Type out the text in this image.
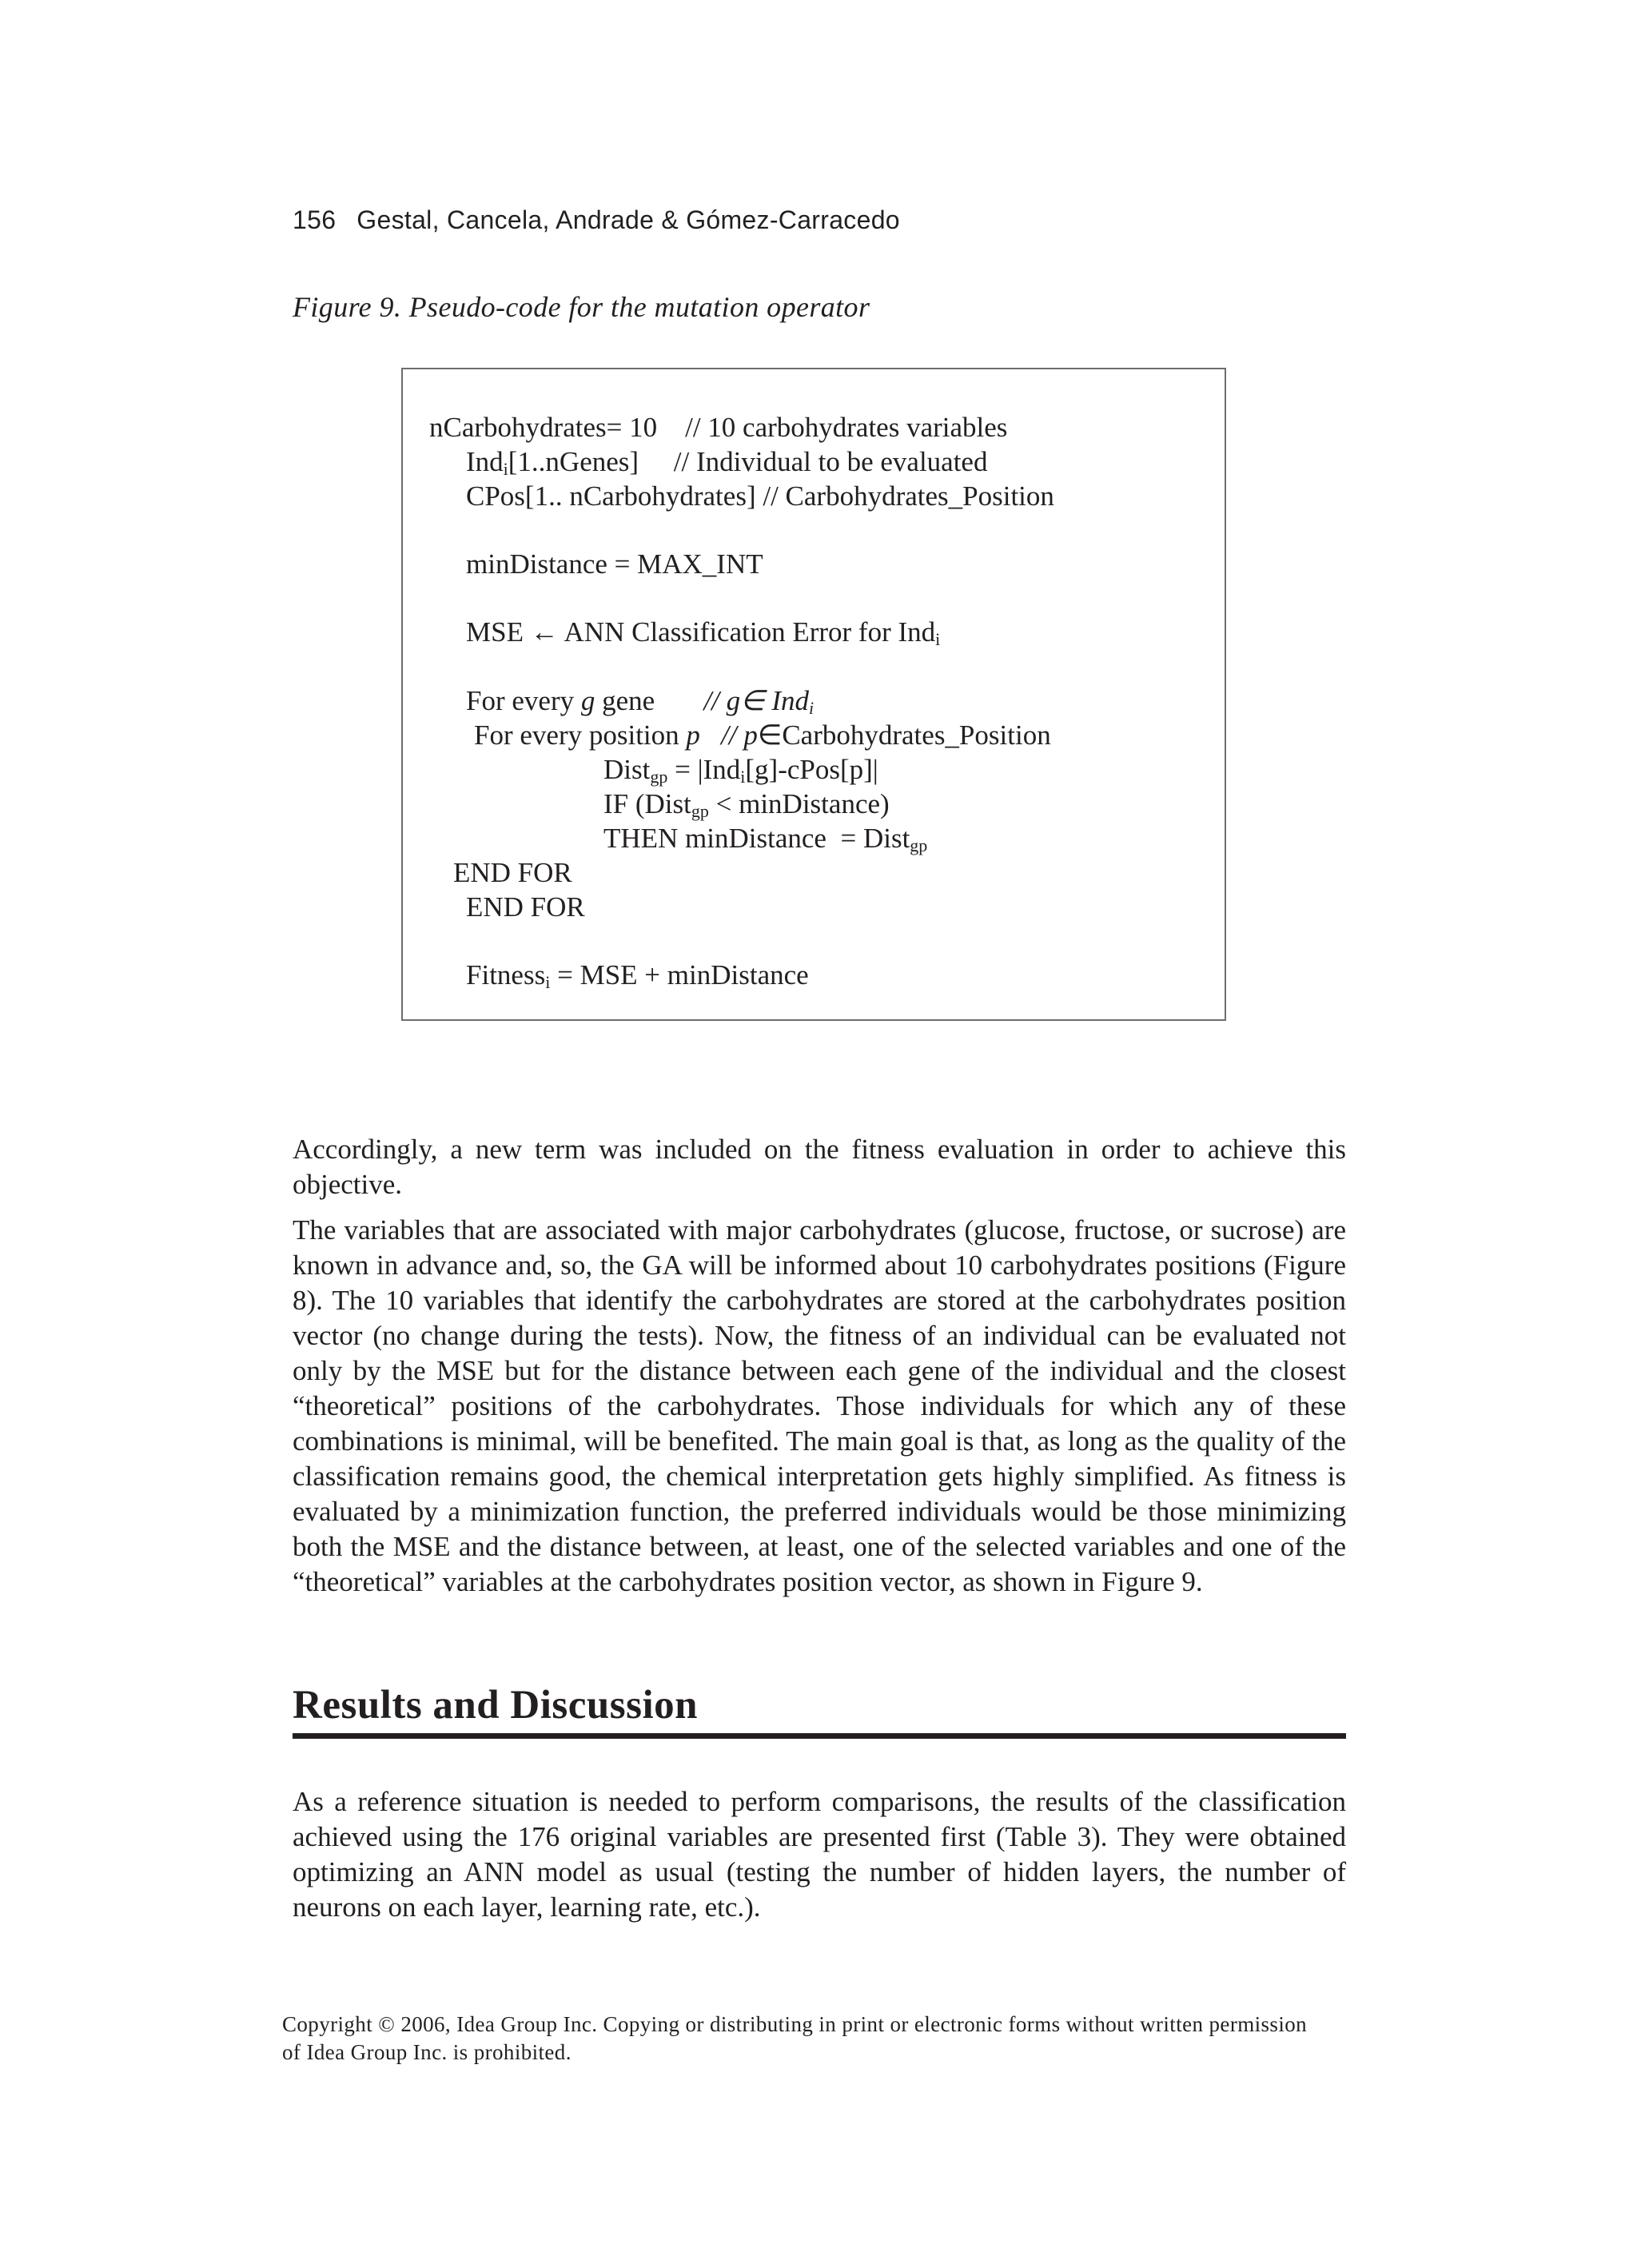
156 Gestal, Cancela, Andrade & Gómez-Carracedo
Figure 9. Pseudo-code for the mutation operator
nCarbohydrates= 10    // 10 carbohydrates variables
Ind$_i$[1..nGenes]     // Individual to be evaluated
CPos[1.. nCarbohydrates] // Carbohydrates_Position
minDistance = MAX_INT
MSE ← ANN Classification Error for Ind$_i$
For every g gene       // g∈ Ind$_i$
For every position p   // p∈Carbohydrates_Position
Dist$_{gp}$ = |Ind$_i$[g]-cPos[p]|
IF (Dist$_{gp}$ < minDistance)
THEN minDistance  = Dist$_{gp}$
END FOR
END FOR
Fitness$_i$ = MSE + minDistance

Accordingly, a new term was included on the fitness evaluation in order to achieve this objective.

The variables that are associated with major carbohydrates (glucose, fructose, or sucrose) are known in advance and, so, the GA will be informed about 10 carbohydrates positions (Figure 8). The 10 variables that identify the carbohydrates are stored at the carbohydrates position vector (no change during the tests). Now, the fitness of an individual can be evaluated not only by the MSE but for the distance between each gene of the individual and the closest “theoretical” positions of the carbohydrates. Those individuals for which any of these combinations is minimal, will be benefited. The main goal is that, as long as the quality of the classification remains good, the chemical interpretation gets highly simplified. As fitness is evaluated by a minimization function, the preferred individuals would be those minimizing both the MSE and the distance between, at least, one of the selected variables and one of the “theoretical” variables at the carbohydrates position vector, as shown in Figure 9.

Results and Discussion

As a reference situation is needed to perform comparisons, the results of the classification achieved using the 176 original variables are presented first (Table 3). They were obtained optimizing an ANN model as usual (testing the number of hidden layers, the number of neurons on each layer, learning rate, etc.).

Copyright © 2006, Idea Group Inc. Copying or distributing in print or electronic forms without written permission of Idea Group Inc. is prohibited.
